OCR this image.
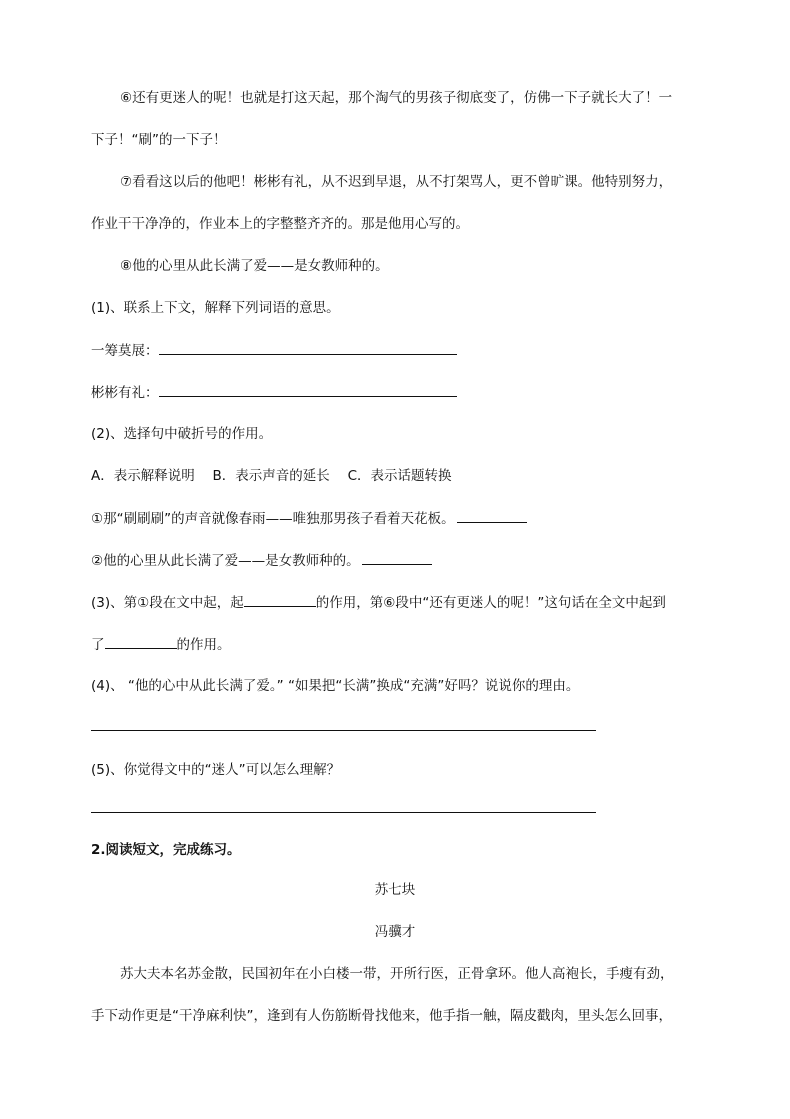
⑥还有更迷人的呢！也就是打这天起，那个淘气的男孩子彻底变了，仿佛一下子就长大了！一
下子！“刷”的一下子！
⑦看看这以后的他吧！彬彬有礼，从不迟到早退，从不打架骂人，更不曾旷课。他特别努力，
作业干干净净的，作业本上的字整整齐齐的。那是他用心写的。
⑧他的心里从此长满了爱——是女教师种的。
(1)、联系上下文，解释下列词语的意思。
一筹莫展：
彬彬有礼：
(2)、选择句中破折号的作用。
A．表示解释说明　 B．表示声音的延长　 C．表示话题转换
①那“刷刷刷”的声音就像春雨——唯独那男孩子看着天花板。
②他的心里从此长满了爱——是女教师种的。
(3)、第①段在文中起，起	的作用，第⑥段中“还有更迷人的呢！”这句话在全文中起到
了	的作用。
(4)、 “他的心中从此长满了爱。” “如果把“长满”换成“充满”好吗？说说你的理由。
(5)、你觉得文中的“迷人”可以怎么理解？
2.阅读短文，完成练习。
苏七块
冯骥才
苏大夫本名苏金散，民国初年在小白楼一带，开所行医，正骨拿环。他人高袍长，手瘦有劲，
手下动作更是“干净麻利快”，逢到有人伤筋断骨找他来，他手指一触，隔皮戳肉，里头怎么回事，
